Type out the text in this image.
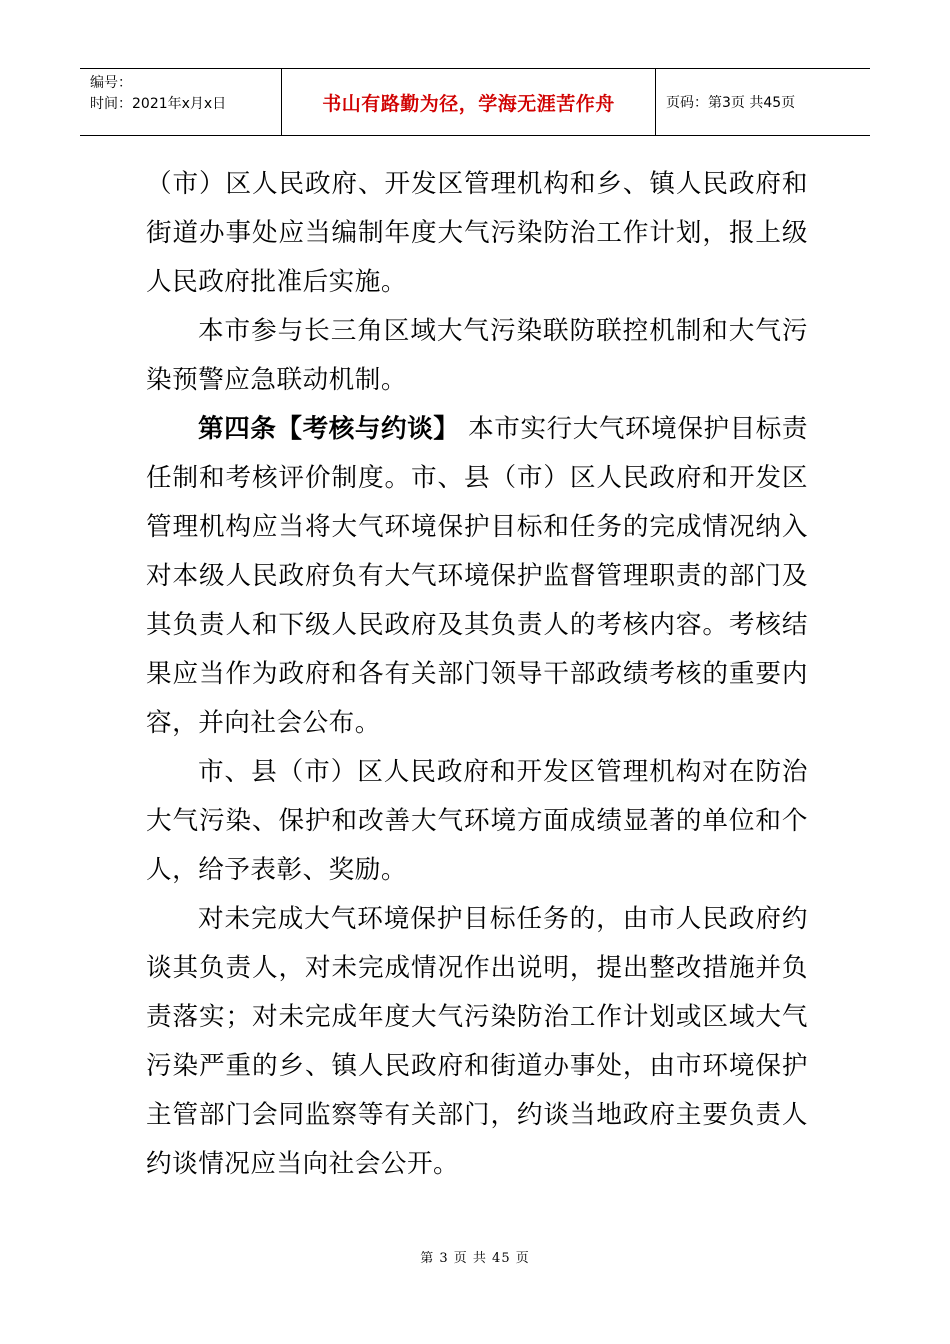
编号：
时间：2021年x月x日	书山有路勤为径，学海无涯苦作舟	页码：第3页 共45页

（市）区人民政府、开发区管理机构和乡、镇人民政府和街道办事处应当编制年度大气污染防治工作计划，报上级人民政府批准后实施。

本市参与长三角区域大气污染联防联控机制和大气污染预警应急联动机制。

第四条【考核与约谈】 本市实行大气环境保护目标责任制和考核评价制度。市、县（市）区人民政府和开发区管理机构应当将大气环境保护目标和任务的完成情况纳入对本级人民政府负有大气环境保护监督管理职责的部门及其负责人和下级人民政府及其负责人的考核内容。考核结果应当作为政府和各有关部门领导干部政绩考核的重要内容，并向社会公布。

市、县（市）区人民政府和开发区管理机构对在防治大气污染、保护和改善大气环境方面成绩显著的单位和个人，给予表彰、奖励。

对未完成大气环境保护目标任务的，由市人民政府约谈其负责人，对未完成情况作出说明，提出整改措施并负责落实；对未完成年度大气污染防治工作计划或区域大气污染严重的乡、镇人民政府和街道办事处，由市环境保护主管部门会同监察等有关部门，约谈当地政府主要负责人约谈情况应当向社会公开。

第 3 页 共 45 页
